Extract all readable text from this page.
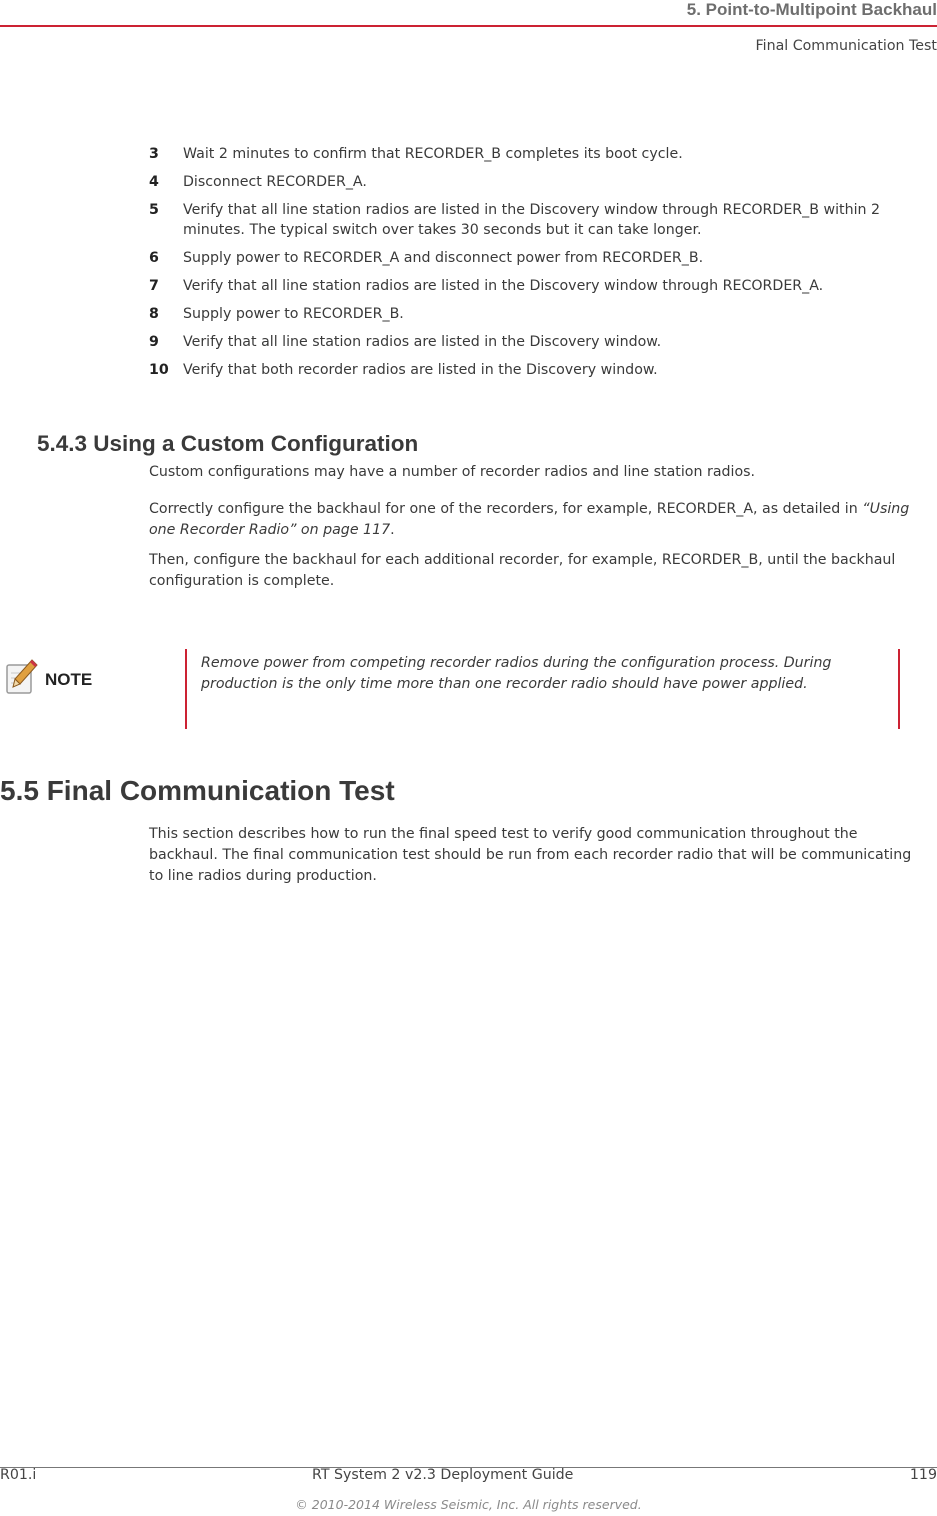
5. Point-to-Multipoint Backhaul
Final Communication Test
3	Wait 2 minutes to confirm that RECORDER_B completes its boot cycle.
4	Disconnect RECORDER_A.
5	Verify that all line station radios are listed in the Discovery window through RECORDER_B within 2 minutes. The typical switch over takes 30 seconds but it can take longer.
6	Supply power to RECORDER_A and disconnect power from RECORDER_B.
7	Verify that all line station radios are listed in the Discovery window through RECORDER_A.
8	Supply power to RECORDER_B.
9	Verify that all line station radios are listed in the Discovery window.
10	Verify that both recorder radios are listed in the Discovery window.
5.4.3 Using a Custom Configuration

Custom configurations may have a number of recorder radios and line station radios.

Correctly configure the backhaul for one of the recorders, for example, RECORDER_A, as detailed in “Using one Recorder Radio” on page 117.

Then, configure the backhaul for each additional recorder, for example, RECORDER_B, until the backhaul configuration is complete.

NOTE

Remove power from competing recorder radios during the configuration process. During production is the only time more than one recorder radio should have power applied.

5.5 Final Communication Test

This section describes how to run the final speed test to verify good communication throughout the backhaul. The final communication test should be run from each recorder radio that will be communicating to line radios during production.

R01.i	RT System 2 v2.3 Deployment Guide	119
© 2010-2014 Wireless Seismic, Inc. All rights reserved.
